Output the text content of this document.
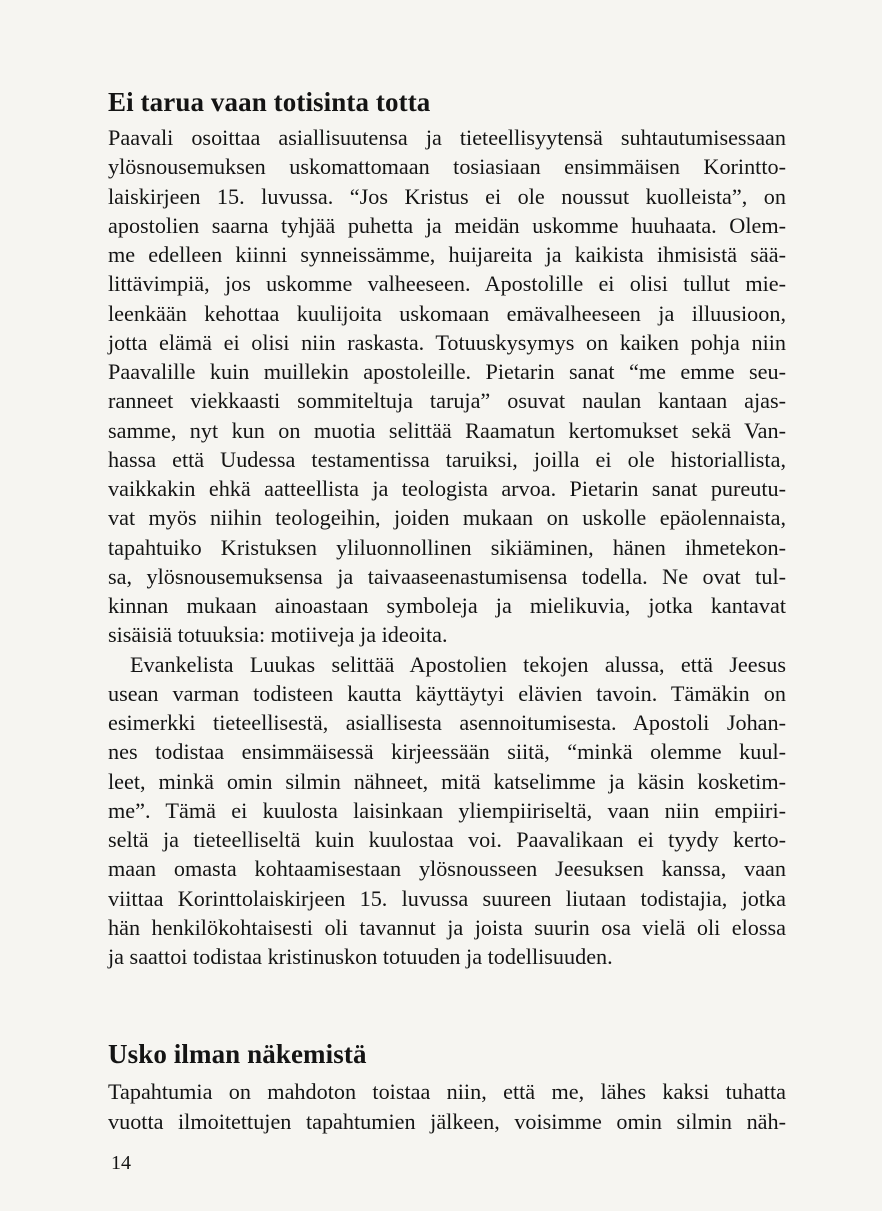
Ei tarua vaan totisinta totta

Paavali osoittaa asiallisuutensa ja tieteellisyytensä suhtautumisessaan
ylösnousemuksen uskomattomaan tosiasiaan ensimmäisen Korintto-
laiskirjeen 15. luvussa. “Jos Kristus ei ole noussut kuolleista”, on
apostolien saarna tyhjää puhetta ja meidän uskomme huuhaata. Olem-
me edelleen kiinni synneissämme, huijareita ja kaikista ihmisistä sää-
littävimpiä, jos uskomme valheeseen. Apostolille ei olisi tullut mie-
leenkään kehottaa kuulijoita uskomaan emävalheeseen ja illuusioon,
jotta elämä ei olisi niin raskasta. Totuuskysymys on kaiken pohja niin
Paavalille kuin muillekin apostoleille. Pietarin sanat “me emme seu-
ranneet viekkaasti sommiteltuja taruja” osuvat naulan kantaan ajas-
samme, nyt kun on muotia selittää Raamatun kertomukset sekä Van-
hassa että Uudessa testamentissa taruiksi, joilla ei ole historiallista,
vaikkakin ehkä aatteellista ja teologista arvoa. Pietarin sanat pureutu-
vat myös niihin teologeihin, joiden mukaan on uskolle epäolennaista,
tapahtuiko Kristuksen yliluonnollinen sikiäminen, hänen ihmetekon-
sa, ylösnousemuksensa ja taivaaseenastumisensa todella. Ne ovat tul-
kinnan mukaan ainoastaan symboleja ja mielikuvia, jotka kantavat
sisäisiä totuuksia: motiiveja ja ideoita.

Evankelista Luukas selittää Apostolien tekojen alussa, että Jeesus
usean varman todisteen kautta käyttäytyi elävien tavoin. Tämäkin on
esimerkki tieteellisestä, asiallisesta asennoitumisesta. Apostoli Johan-
nes todistaa ensimmäisessä kirjeessään siitä, “minkä olemme kuul-
leet, minkä omin silmin nähneet, mitä katselimme ja käsin kosketim-
me”. Tämä ei kuulosta laisinkaan yliempiiriseltä, vaan niin empiiri-
seltä ja tieteelliseltä kuin kuulostaa voi. Paavalikaan ei tyydy kerto-
maan omasta kohtaamisestaan ylösnousseen Jeesuksen kanssa, vaan
viittaa Korinttolaiskirjeen 15. luvussa suureen liutaan todistajia, jotka
hän henkilökohtaisesti oli tavannut ja joista suurin osa vielä oli elossa
ja saattoi todistaa kristinuskon totuuden ja todellisuuden.

Usko ilman näkemistä

Tapahtumia on mahdoton toistaa niin, että me, lähes kaksi tuhatta
vuotta ilmoitettujen tapahtumien jälkeen, voisimme omin silmin näh-

14
